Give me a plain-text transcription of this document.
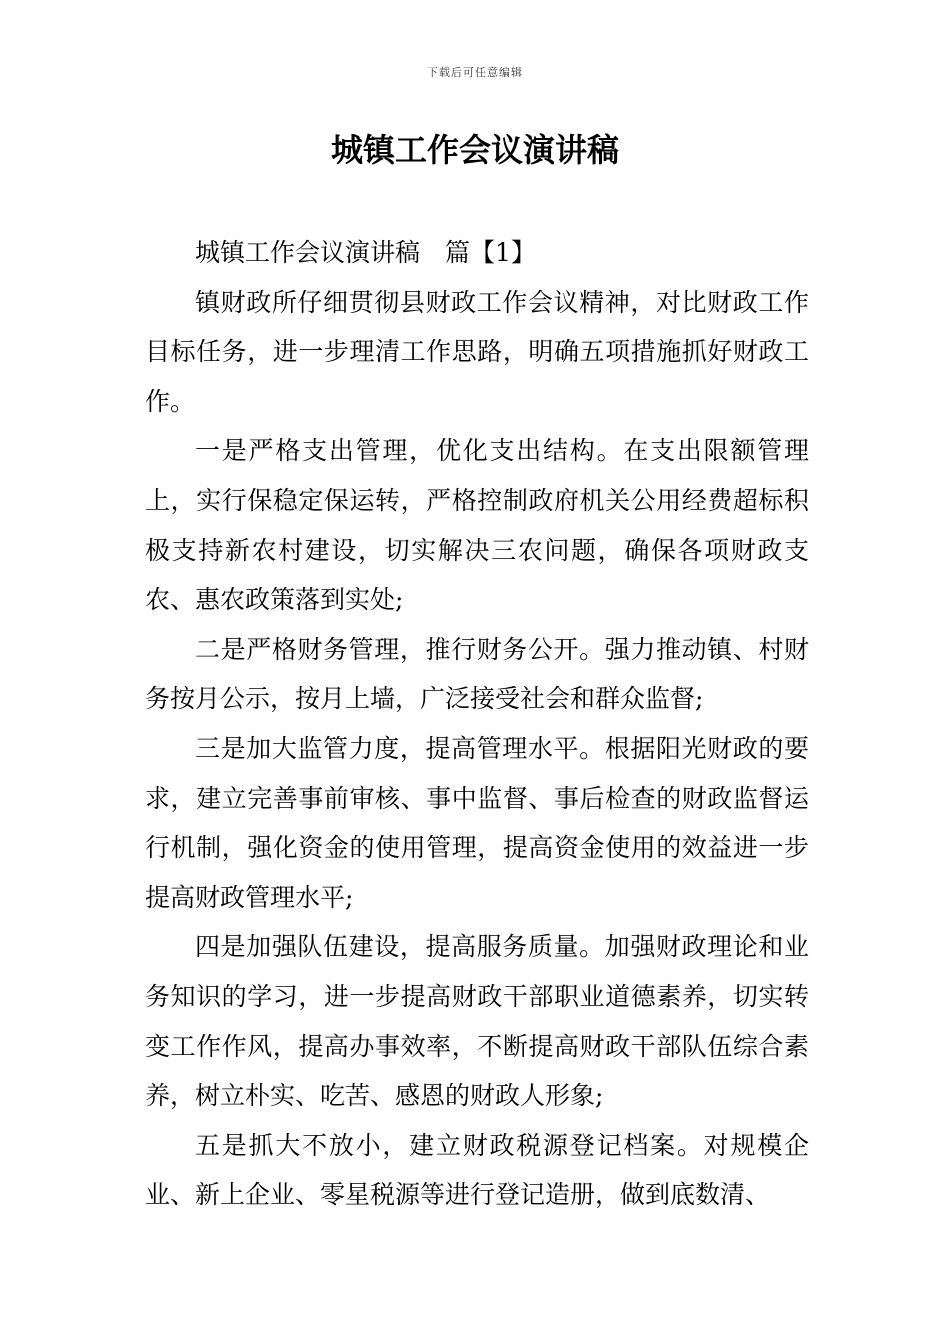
下载后可任意编辑
城镇工作会议演讲稿

城镇工作会议演讲稿　篇【1】

镇财政所仔细贯彻县财政工作会议精神，对比财政工作目标任务，进一步理清工作思路，明确五项措施抓好财政工作。

一是严格支出管理，优化支出结构。在支出限额管理上，实行保稳定保运转，严格控制政府机关公用经费超标积极支持新农村建设，切实解决三农问题，确保各项财政支农、惠农政策落到实处;

二是严格财务管理，推行财务公开。强力推动镇、村财务按月公示，按月上墙，广泛接受社会和群众监督;

三是加大监管力度，提高管理水平。根据阳光财政的要求，建立完善事前审核、事中监督、事后检查的财政监督运行机制，强化资金的使用管理，提高资金使用的效益进一步提高财政管理水平;

四是加强队伍建设，提高服务质量。加强财政理论和业务知识的学习，进一步提高财政干部职业道德素养，切实转变工作作风，提高办事效率，不断提高财政干部队伍综合素养，树立朴实、吃苦、感恩的财政人形象;

五是抓大不放小，建立财政税源登记档案。对规模企业、新上企业、零星税源等进行登记造册，做到底数清、
